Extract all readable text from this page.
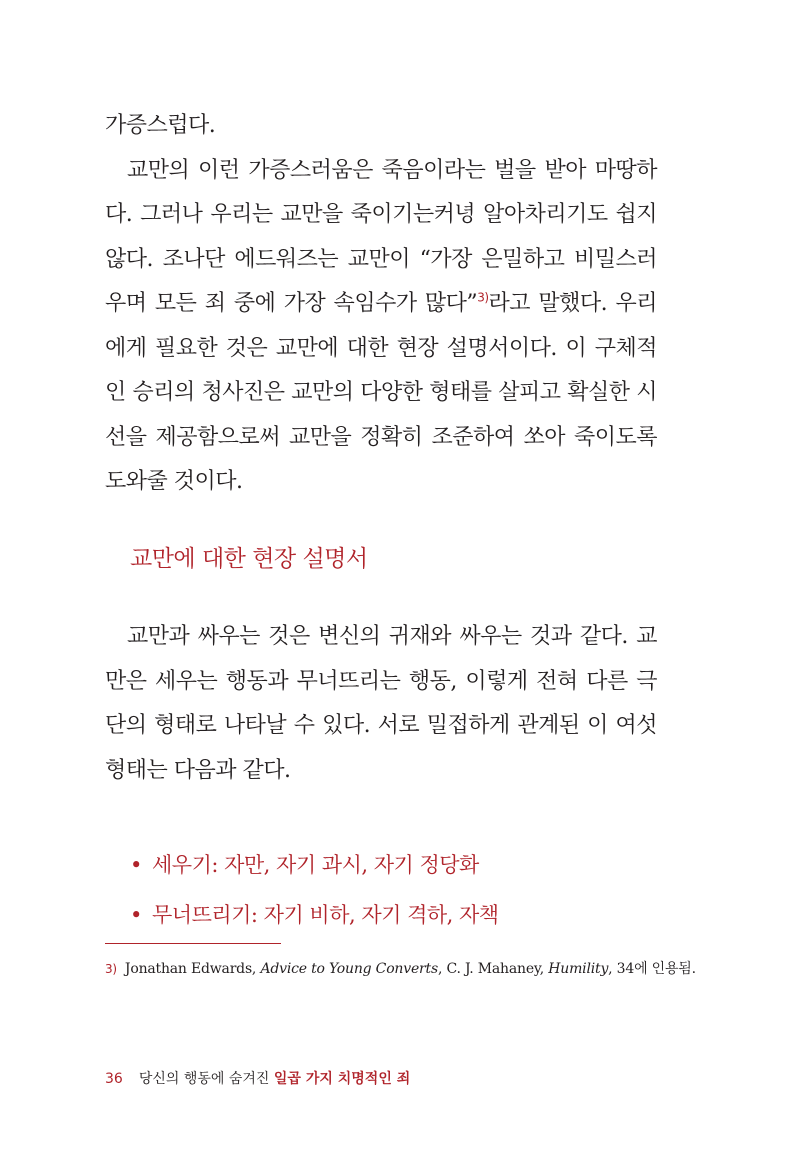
가증스럽다.

교만의 이런 가증스러움은 죽음이라는 벌을 받아 마땅하다. 그러나 우리는 교만을 죽이기는커녕 알아차리기도 쉽지 않다. 조나단 에드워즈는 교만이 “가장 은밀하고 비밀스러우며 모든 죄 중에 가장 속임수가 많다”$^{3)}$라고 말했다. 우리에게 필요한 것은 교만에 대한 현장 설명서이다. 이 구체적인 승리의 청사진은 교만의 다양한 형태를 살피고 확실한 시선을 제공함으로써 교만을 정확히 조준하여 쏘아 죽이도록 도와줄 것이다.

교만에 대한 현장 설명서

교만과 싸우는 것은 변신의 귀재와 싸우는 것과 같다. 교만은 세우는 행동과 무너뜨리는 행동, 이렇게 전혀 다른 극단의 형태로 나타날 수 있다. 서로 밀접하게 관계된 이 여섯 형태는 다음과 같다.

• 세우기: 자만, 자기 과시, 자기 정당화
• 무너뜨리기: 자기 비하, 자기 격하, 자책
3) Jonathan Edwards, Advice to Young Converts, C. J. Mahaney, Humility, 34에 인용됨.
36 당신의 행동에 숨겨진 일곱 가지 치명적인 죄
